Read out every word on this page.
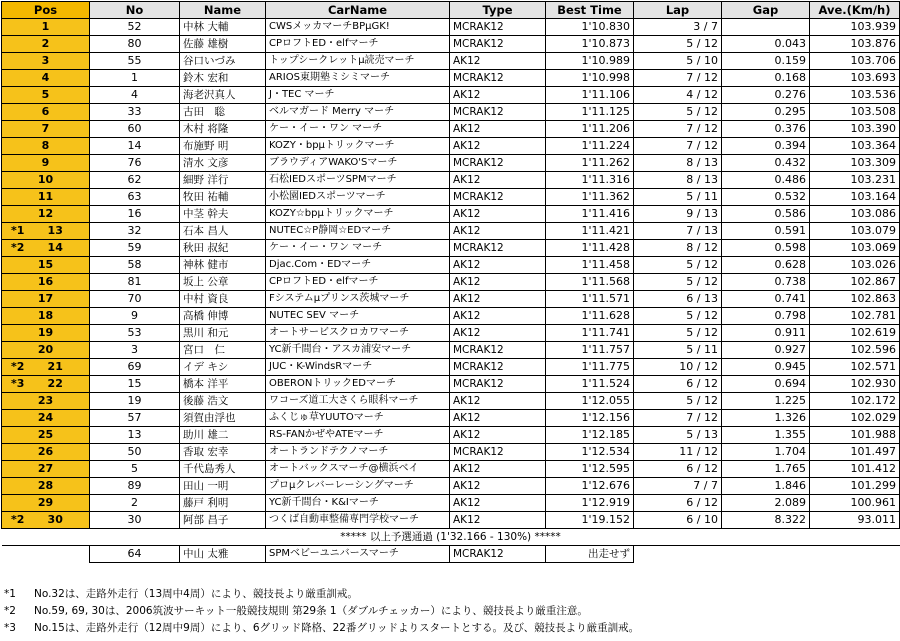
Pos	No	Name	CarName	Type	Best Time	Lap	Gap	Ave.(Km/h)
1	52	中林 大輔	CWSメッカマーチBPμGK!	MCRAK12	1'10.830	3 / 7		103.939
2	80	佐藤 雄樹	CPロフトED・elfマーチ	MCRAK12	1'10.873	5 / 12	0.043	103.876
3	55	谷口いづみ	トップシークレットμ読売マーチ	AK12	1'10.989	5 / 10	0.159	103.706
4	1	鈴木 宏和	ARIOS東期塾ミシミマーチ	MCRAK12	1'10.998	7 / 12	0.168	103.693
5	4	海老沢真人	J・TEC マーチ	AK12	1'11.106	4 / 12	0.276	103.536
6	33	古田　聡	ベルマガード Merry マーチ	MCRAK12	1'11.125	5 / 12	0.295	103.508
7	60	木村 将隆	ケー・イー・ワン マーチ	AK12	1'11.206	7 / 12	0.376	103.390
8	14	布施野 明	KOZY・bpμトリックマーチ	AK12	1'11.224	7 / 12	0.394	103.364
9	76	清水 文彦	ブラウディアWAKO'Sマーチ	MCRAK12	1'11.262	8 / 13	0.432	103.309
10	62	細野 洋行	石松IEDスポーツSPMマーチ	AK12	1'11.316	8 / 13	0.486	103.231
11	63	牧田 祐輔	小松園IEDスポーツマーチ	MCRAK12	1'11.362	5 / 11	0.532	103.164
12	16	中茎 幹夫	KOZY☆bpμトリックマーチ	AK12	1'11.416	9 / 13	0.586	103.086

*1 13	32	石本 昌人	NUTEC☆P静岡☆EDマーチ	AK12	1'11.421	7 / 13	0.591	103.079

*2 14	59	秋田 叔紀	ケー・イー・ワン マーチ	MCRAK12	1'11.428	8 / 12	0.598	103.069
15	58	神林 健市	Djac.Com・EDマーチ	AK12	1'11.458	5 / 12	0.628	103.026
16	81	坂上 公章	CPロフトED・elfマーチ	AK12	1'11.568	5 / 12	0.738	102.867
17	70	中村 資良	Fシステムμプリンス茨城マーチ	AK12	1'11.571	6 / 13	0.741	102.863
18	9	高橋 伸博	NUTEC SEV マーチ	AK12	1'11.628	5 / 12	0.798	102.781
19	53	黒川 和元	オートサービスクロカワマーチ	AK12	1'11.741	5 / 12	0.911	102.619
20	3	宮口　仁	YC新千間台・アスカ浦安マーチ	MCRAK12	1'11.757	5 / 11	0.927	102.596

*2 21	69	イデ キシ	JUC・K-WindsRマーチ	MCRAK12	1'11.775	10 / 12	0.945	102.571

*3 22	15	橋本 洋平	OBERONトリックEDマーチ	MCRAK12	1'11.524	6 / 12	0.694	102.930
23	19	後藤 浩文	ワコーズ道工大さくら眼科マーチ	AK12	1'12.055	5 / 12	1.225	102.172
24	57	須賀由浮也	ふくじゅ草YUUTOマーチ	AK12	1'12.156	7 / 12	1.326	102.029
25	13	助川 雄二	RS-FANかぜやATEマーチ	AK12	1'12.185	5 / 13	1.355	101.988
26	50	香取 宏幸	オートランドテクノマーチ	MCRAK12	1'12.534	11 / 12	1.704	101.497
27	5	千代島秀人	オートバックスマーチ@横浜ベイ	AK12	1'12.595	6 / 12	1.765	101.412
28	89	田山 一明	プロμクレバーレーシングマーチ	AK12	1'12.676	7 / 7	1.846	101.299
29	2	藤戸 利明	YC新千間台・K&Iマーチ	AK12	1'12.919	6 / 12	2.089	100.961

*2 30	30	阿部 昌子	つくば自動車整備専門学校マーチ	AK12	1'19.152	6 / 10	8.322	93.011
***** 以上予選通過 (1'32.166 - 130%) *****								
	64	中山 太雅	SPMベビーユニバースマーチ	MCRAK12	出走せず			
*1 No.32は、走路外走行（13周中4周）により、競技長より厳重訓戒。
*2 No.59, 69, 30は、2006筑波サーキット一般競技規則 第29条 1（ダブルチェッカー）により、競技長より厳重注意。
*3 No.15は、走路外走行（12周中9周）により、6グリッド降格、22番グリッドよりスタートとする。及び、競技長より厳重訓戒。
